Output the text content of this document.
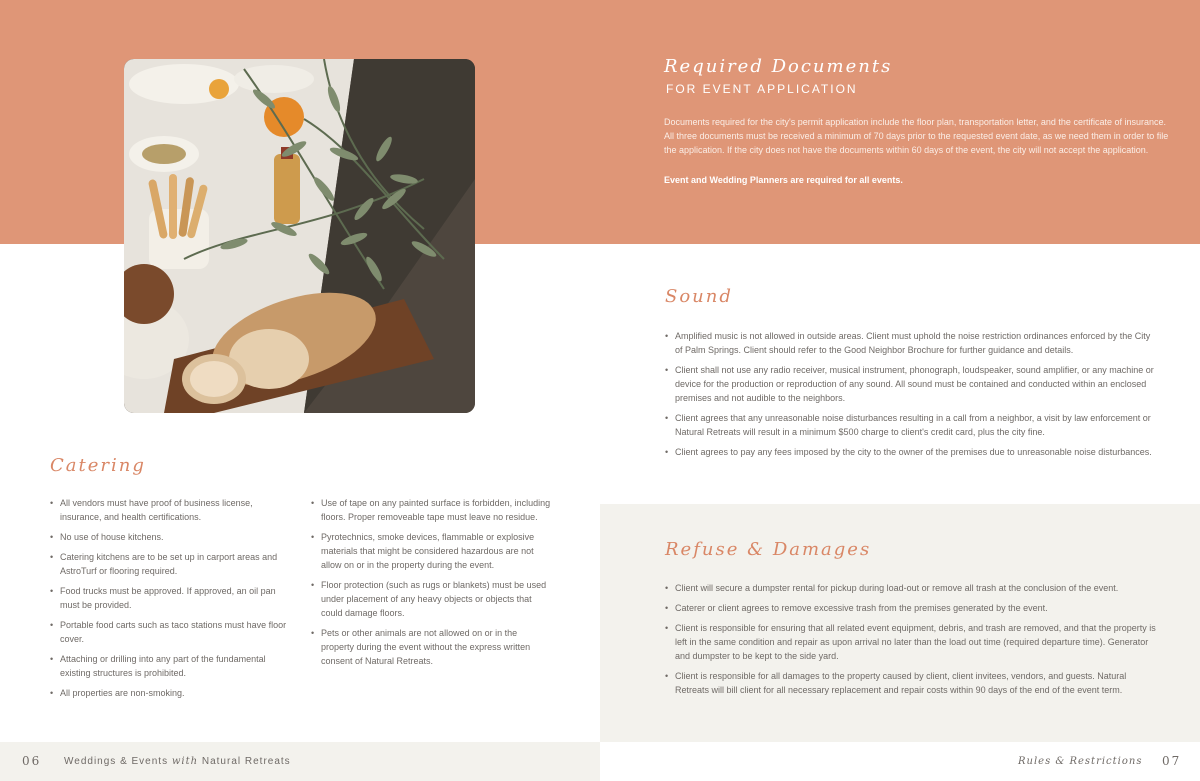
Required Documents

FOR EVENT APPLICATION

Documents required for the city's permit application include the floor plan, transportation letter, and the certificate of insurance. All three documents must be received a minimum of 70 days prior to the requested event date, as we need them in order to file the application. If the city does not have the documents within 60 days of the event, the city will not accept the application.

Event and Wedding Planners are required for all events.

Sound
• Amplified music is not allowed in outside areas. Client must uphold the noise restriction ordinances enforced by the City of Palm Springs. Client should refer to the Good Neighbor Brochure for further guidance and details.
• Client shall not use any radio receiver, musical instrument, phonograph, loudspeaker, sound amplifier, or any machine or device for the production or reproduction of any sound. All sound must be contained and conducted within an enclosed premises and not audible to the neighbors.
• Client agrees that any unreasonable noise disturbances resulting in a call from a neighbor, a visit by law enforcement or Natural Retreats will result in a minimum $500 charge to client's credit card, plus the city fine.
• Client agrees to pay any fees imposed by the city to the owner of the premises due to unreasonable noise disturbances.
Catering
• All vendors must have proof of business license, insurance, and health certifications.
• No use of house kitchens.
• Catering kitchens are to be set up in carport areas and AstroTurf or flooring required.
• Food trucks must be approved. If approved, an oil pan must be provided.
• Portable food carts such as taco stations must have floor cover.
• Attaching or drilling into any part of the fundamental existing structures is prohibited.
• All properties are non-smoking.
• Use of tape on any painted surface is forbidden, including floors. Proper removeable tape must leave no residue.
• Pyrotechnics, smoke devices, flammable or explosive materials that might be considered hazardous are not allow on or in the property during the event.
• Floor protection (such as rugs or blankets) must be used under placement of any heavy objects or objects that could damage floors.
• Pets or other animals are not allowed on or in the property during the event without the express written consent of Natural Retreats.
Refuse & Damages
• Client will secure a dumpster rental for pickup during load-out or remove all trash at the conclusion of the event.
• Caterer or client agrees to remove excessive trash from the premises generated by the event.
• Client is responsible for ensuring that all related event equipment, debris, and trash are removed, and that the property is left in the same condition and repair as upon arrival no later than the load out time (required departure time). Generator and dumpster to be kept to the side yard.
• Client is responsible for all damages to the property caused by client, client invitees, vendors, and guests. Natural Retreats will bill client for all necessary replacement and repair costs within 90 days of the end of the event term.
06 Weddings & Events with Natural Retreats	Rules & Restrictions 07
